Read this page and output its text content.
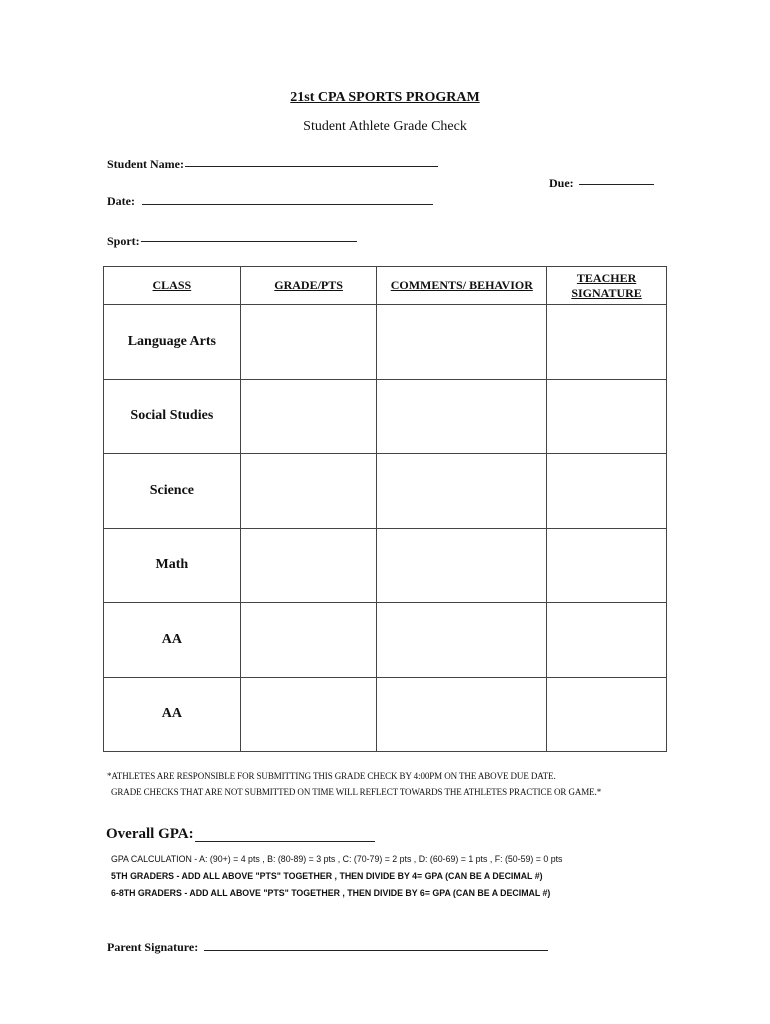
21st CPA SPORTS PROGRAM
Student Athlete Grade Check
Student Name:
Due:
Date:
Sport:
CLASS	GRADE/PTS	COMMENTS/ BEHAVIOR	TEACHER SIGNATURE
Language Arts			
Social Studies			
Science			
Math			
AA			
AA			
*ATHLETES ARE RESPONSIBLE FOR SUBMITTING THIS GRADE CHECK BY 4:00PM ON THE ABOVE DUE DATE.
GRADE CHECKS THAT ARE NOT SUBMITTED ON TIME WILL REFLECT TOWARDS THE ATHLETES PRACTICE OR GAME.*
Overall GPA:
GPA CALCULATION - A: (90+) = 4 pts , B: (80-89) = 3 pts , C: (70-79) = 2 pts , D: (60-69) = 1 pts , F: (50-59) = 0 pts
5TH GRADERS - ADD ALL ABOVE "PTS" TOGETHER , THEN DIVIDE BY 4= GPA (CAN BE A DECIMAL #)
6-8TH GRADERS - ADD ALL ABOVE "PTS" TOGETHER , THEN DIVIDE BY 6= GPA (CAN BE A DECIMAL #)
Parent Signature:
